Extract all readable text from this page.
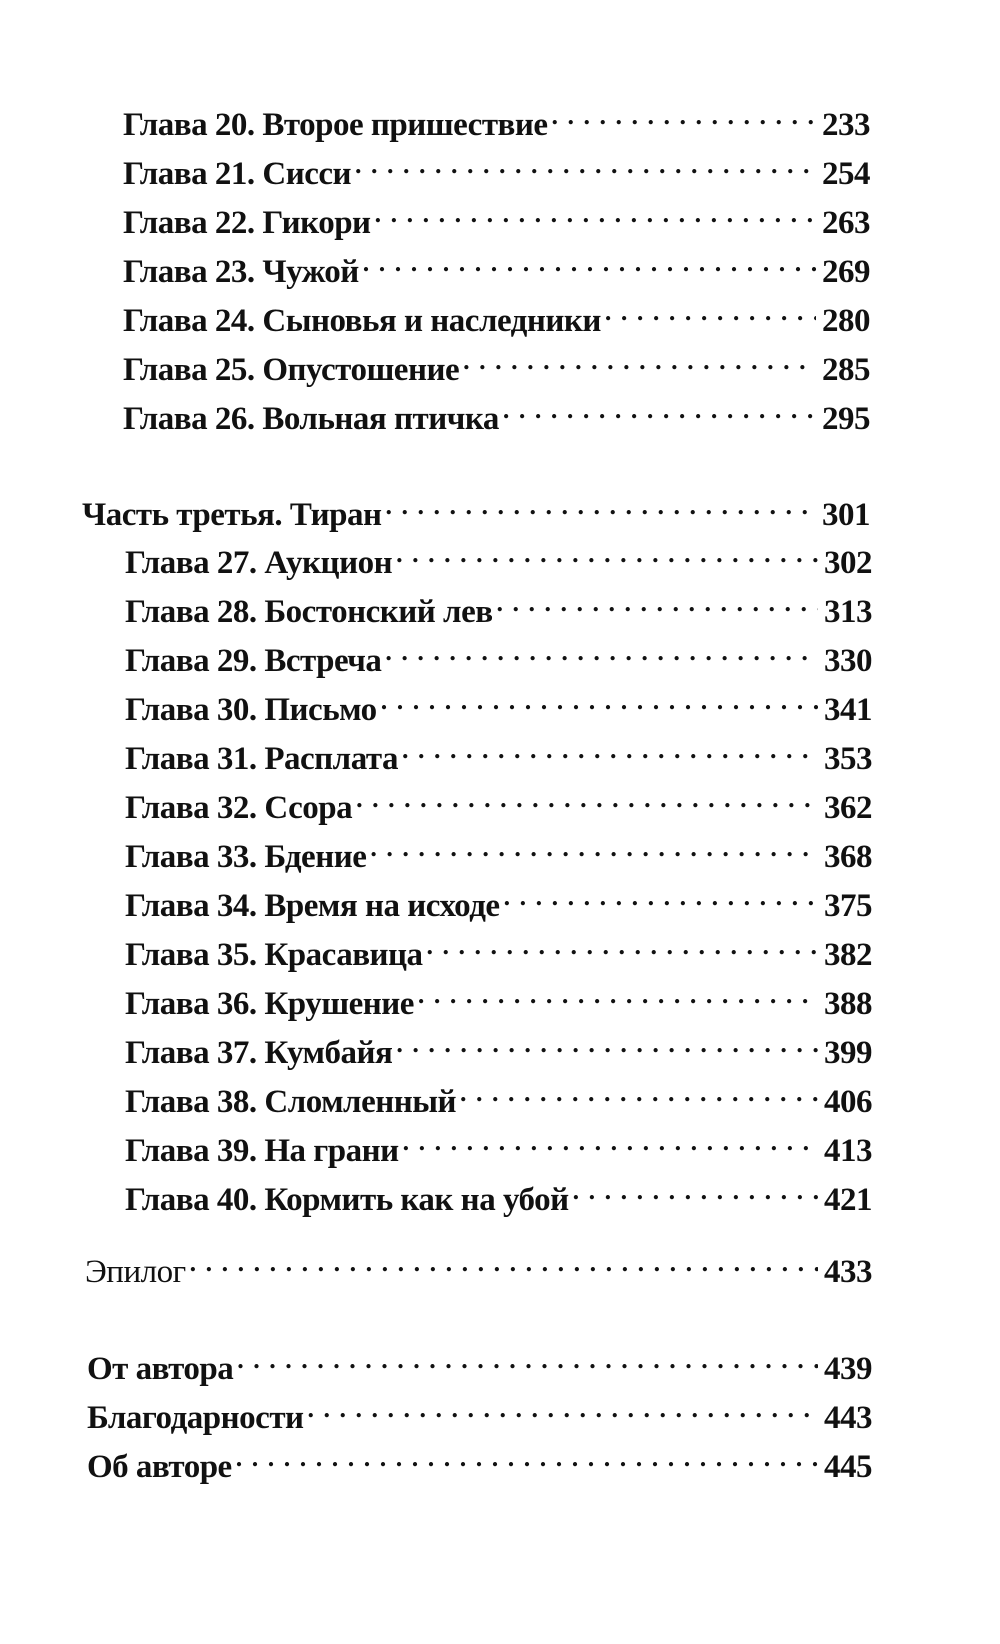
Глава 20. Второе пришествие . . .	233
Глава 21. Сисси . . .	254
Глава 22. Гикори . . .	263
Глава 23. Чужой . . .	269
Глава 24. Сыновья и наследники . . .	280
Глава 25. Опустошение . . .	285
Глава 26. Вольная птичка . . .	295
Часть третья. Тиран . . .	301
Глава 27. Аукцион . . .	302
Глава 28. Бостонский лев . . .	313
Глава 29. Встреча . . .	330
Глава 30. Письмо . . .	341
Глава 31. Расплата . . .	353
Глава 32. Ссора . . .	362
Глава 33. Бдение . . .	368
Глава 34. Время на исходе . . .	375
Глава 35. Красавица . . .	382
Глава 36. Крушение . . .	388
Глава 37. Кумбайя . . .	399
Глава 38. Сломленный . . .	406
Глава 39. На грани . . .	413
Глава 40. Кормить как на убой . . .	421
Эпилог . . .	433
От автора . . .	439
Благодарности . . .	443
Об авторе . . .	445
